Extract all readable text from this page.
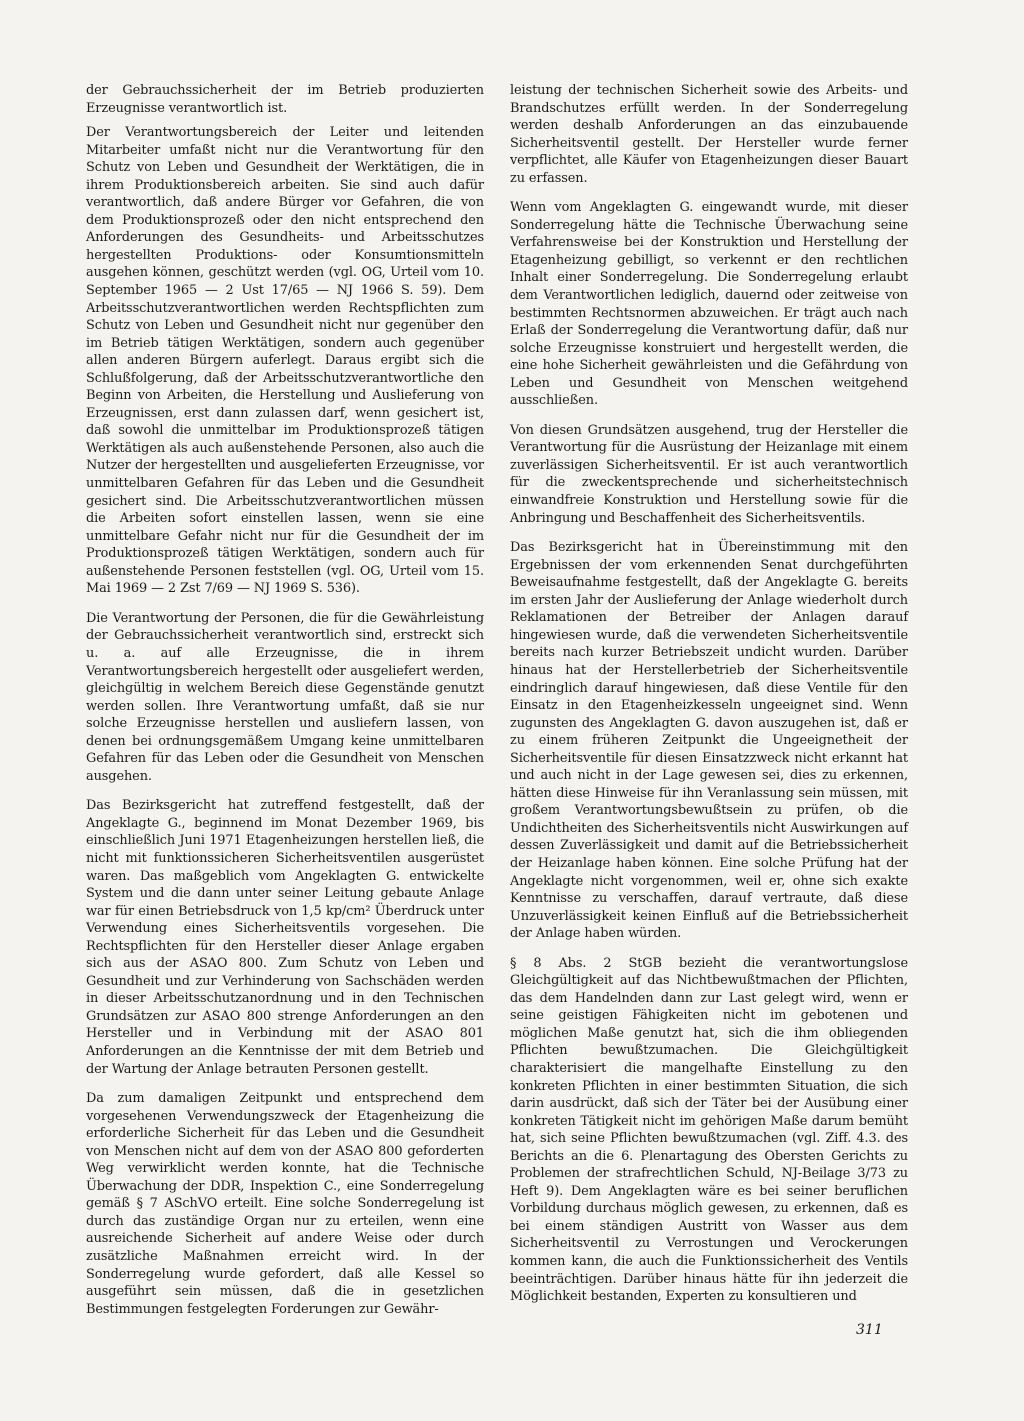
der Gebrauchssicherheit der im Betrieb produzierten Erzeugnisse verantwortlich ist.

Der Verantwortungsbereich der Leiter und leitenden Mitarbeiter umfaßt nicht nur die Verantwortung für den Schutz von Leben und Gesundheit der Werktätigen, die in ihrem Produktionsbereich arbeiten. Sie sind auch dafür verantwortlich, daß andere Bürger vor Gefahren, die von dem Produktionsprozeß oder den nicht entsprechend den Anforderungen des Gesundheits- und Arbeitsschutzes hergestellten Produktions- oder Konsumtionsmitteln ausgehen können, geschützt werden (vgl. OG, Urteil vom 10. September 1965 — 2 Ust 17/65 — NJ 1966 S. 59). Dem Arbeitsschutzverantwortlichen werden Rechtspflichten zum Schutz von Leben und Gesundheit nicht nur gegenüber den im Betrieb tätigen Werktätigen, sondern auch gegenüber allen anderen Bürgern auferlegt. Daraus ergibt sich die Schlußfolgerung, daß der Arbeitsschutzverantwortliche den Beginn von Arbeiten, die Herstellung und Auslieferung von Erzeugnissen, erst dann zulassen darf, wenn gesichert ist, daß sowohl die unmittelbar im Produktionsprozeß tätigen Werktätigen als auch außenstehende Personen, also auch die Nutzer der hergestellten und ausgelieferten Erzeugnisse, vor unmittelbaren Gefahren für das Leben und die Gesundheit gesichert sind. Die Arbeitsschutzverantwortlichen müssen die Arbeiten sofort einstellen lassen, wenn sie eine unmittelbare Gefahr nicht nur für die Gesundheit der im Produktionsprozeß tätigen Werktätigen, sondern auch für außenstehende Personen feststellen (vgl. OG, Urteil vom 15. Mai 1969 — 2 Zst 7/69 — NJ 1969 S. 536).

Die Verantwortung der Personen, die für die Gewährleistung der Gebrauchssicherheit verantwortlich sind, erstreckt sich u. a. auf alle Erzeugnisse, die in ihrem Verantwortungsbereich hergestellt oder ausgeliefert werden, gleichgültig in welchem Bereich diese Gegenstände genutzt werden sollen. Ihre Verantwortung umfaßt, daß sie nur solche Erzeugnisse herstellen und ausliefern lassen, von denen bei ordnungsgemäßem Umgang keine unmittelbaren Gefahren für das Leben oder die Gesundheit von Menschen ausgehen.

Das Bezirksgericht hat zutreffend festgestellt, daß der Angeklagte G., beginnend im Monat Dezember 1969, bis einschließlich Juni 1971 Etagenheizungen herstellen ließ, die nicht mit funktionssicheren Sicherheitsventilen ausgerüstet waren. Das maßgeblich vom Angeklagten G. entwickelte System und die dann unter seiner Leitung gebaute Anlage war für einen Betriebsdruck von 1,5 kp/cm² Überdruck unter Verwendung eines Sicherheitsventils vorgesehen. Die Rechtspflichten für den Hersteller dieser Anlage ergaben sich aus der ASAO 800. Zum Schutz von Leben und Gesundheit und zur Verhinderung von Sachschäden werden in dieser Arbeitsschutzanordnung und in den Technischen Grundsätzen zur ASAO 800 strenge Anforderungen an den Hersteller und in Verbindung mit der ASAO 801 Anforderungen an die Kenntnisse der mit dem Betrieb und der Wartung der Anlage betrauten Personen gestellt.

Da zum damaligen Zeitpunkt und entsprechend dem vorgesehenen Verwendungszweck der Etagenheizung die erforderliche Sicherheit für das Leben und die Gesundheit von Menschen nicht auf dem von der ASAO 800 geforderten Weg verwirklicht werden konnte, hat die Technische Überwachung der DDR, Inspektion C., eine Sonderregelung gemäß § 7 ASchVO erteilt. Eine solche Sonderregelung ist durch das zuständige Organ nur zu erteilen, wenn eine ausreichende Sicherheit auf andere Weise oder durch zusätzliche Maßnahmen erreicht wird. In der Sonderregelung wurde gefordert, daß alle Kessel so ausgeführt sein müssen, daß die in gesetzlichen Bestimmungen festgelegten Forderungen zur Gewähr-

leistung der technischen Sicherheit sowie des Arbeits- und Brandschutzes erfüllt werden. In der Sonderregelung werden deshalb Anforderungen an das einzubauende Sicherheitsventil gestellt. Der Hersteller wurde ferner verpflichtet, alle Käufer von Etagenheizungen dieser Bauart zu erfassen.

Wenn vom Angeklagten G. eingewandt wurde, mit dieser Sonderregelung hätte die Technische Überwachung seine Verfahrensweise bei der Konstruktion und Herstellung der Etagenheizung gebilligt, so verkennt er den rechtlichen Inhalt einer Sonderregelung. Die Sonderregelung erlaubt dem Verantwortlichen lediglich, dauernd oder zeitweise von bestimmten Rechtsnormen abzuweichen. Er trägt auch nach Erlaß der Sonderregelung die Verantwortung dafür, daß nur solche Erzeugnisse konstruiert und hergestellt werden, die eine hohe Sicherheit gewährleisten und die Gefährdung von Leben und Gesundheit von Menschen weitgehend ausschließen.

Von diesen Grundsätzen ausgehend, trug der Hersteller die Verantwortung für die Ausrüstung der Heizanlage mit einem zuverlässigen Sicherheitsventil. Er ist auch verantwortlich für die zweckentsprechende und sicherheitstechnisch einwandfreie Konstruktion und Herstellung sowie für die Anbringung und Beschaffenheit des Sicherheitsventils.

Das Bezirksgericht hat in Übereinstimmung mit den Ergebnissen der vom erkennenden Senat durchgeführten Beweisaufnahme festgestellt, daß der Angeklagte G. bereits im ersten Jahr der Auslieferung der Anlage wiederholt durch Reklamationen der Betreiber der Anlagen darauf hingewiesen wurde, daß die verwendeten Sicherheitsventile bereits nach kurzer Betriebszeit undicht wurden. Darüber hinaus hat der Herstellerbetrieb der Sicherheitsventile eindringlich darauf hingewiesen, daß diese Ventile für den Einsatz in den Etagenheizkesseln ungeeignet sind. Wenn zugunsten des Angeklagten G. davon auszugehen ist, daß er zu einem früheren Zeitpunkt die Ungeeignetheit der Sicherheitsventile für diesen Einsatzzweck nicht erkannt hat und auch nicht in der Lage gewesen sei, dies zu erkennen, hätten diese Hinweise für ihn Veranlassung sein müssen, mit großem Verantwortungsbewußtsein zu prüfen, ob die Undichtheiten des Sicherheitsventils nicht Auswirkungen auf dessen Zuverlässigkeit und damit auf die Betriebssicherheit der Heizanlage haben können. Eine solche Prüfung hat der Angeklagte nicht vorgenommen, weil er, ohne sich exakte Kenntnisse zu verschaffen, darauf vertraute, daß diese Unzuverlässigkeit keinen Einfluß auf die Betriebssicherheit der Anlage haben würden.

§ 8 Abs. 2 StGB bezieht die verantwortungslose Gleichgültigkeit auf das Nichtbewußtmachen der Pflichten, das dem Handelnden dann zur Last gelegt wird, wenn er seine geistigen Fähigkeiten nicht im gebotenen und möglichen Maße genutzt hat, sich die ihm obliegenden Pflichten bewußtzumachen. Die Gleichgültigkeit charakterisiert die mangelhafte Einstellung zu den konkreten Pflichten in einer bestimmten Situation, die sich darin ausdrückt, daß sich der Täter bei der Ausübung einer konkreten Tätigkeit nicht im gehörigen Maße darum bemüht hat, sich seine Pflichten bewußtzumachen (vgl. Ziff. 4.3. des Berichts an die 6. Plenartagung des Obersten Gerichts zu Problemen der strafrechtlichen Schuld, NJ-Beilage 3/73 zu Heft 9). Dem Angeklagten wäre es bei seiner beruflichen Vorbildung durchaus möglich gewesen, zu erkennen, daß es bei einem ständigen Austritt von Wasser aus dem Sicherheitsventil zu Verrostungen und Verockerungen kommen kann, die auch die Funktionssicherheit des Ventils beeinträchtigen. Darüber hinaus hätte für ihn jederzeit die Möglichkeit bestanden, Experten zu konsultieren und

311
